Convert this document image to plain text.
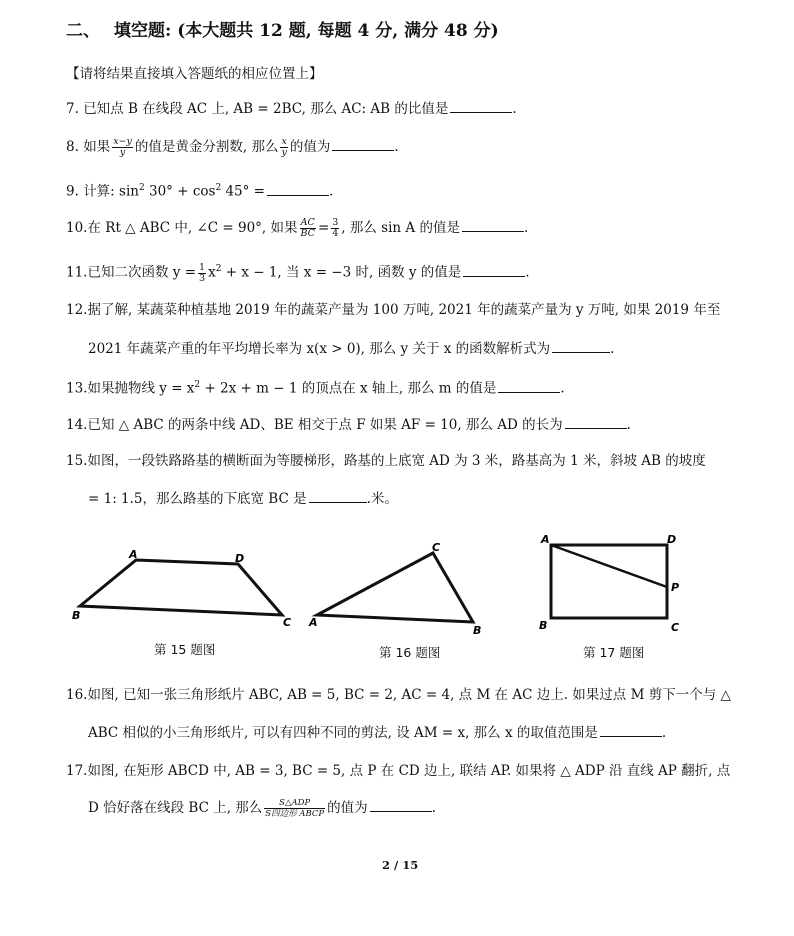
二、 填空题: (本大题共 12 题, 每题 4 分, 满分 48 分)
【请将结果直接填入答题纸的相应位置上】
7. 已知点 B 在线段 AC 上, AB = 2BC, 那么 AC: AB 的比值是	.
8. 如果 $\frac{x-y}{y}$ 的值是黄金分割数, 那么 $\frac{x}{y}$ 的值为	.
9. 计算: $\sin^2 30^\circ + \cos^2 45^\circ$ =	.
10.在 Rt △ ABC 中, ∠C = 90°, 如果 $\frac{AC}{BC} = \frac{3}{4}$ , 那么 sin A 的值是	.
11.已知二次函数 $y = \frac{1}{3} x^2 + x - 1$, 当 x = −3 时, 函数 y 的值是	.
12.据了解, 某蔬菜种植基地 2019 年的蔬菜产量为 100 万吨, 2021 年的蔬菜产量为 y 万吨, 如果 2019 年至
2021 年蔬菜产重的年平均增长率为 x(x > 0), 那么 y 关于 x 的函数解析式为	.
13.如果抛物线 $y = x^2 + 2x + m - 1$ 的顶点在 x 轴上, 那么 m 的值是	.
14.已知 △ ABC 的两条中线 AD、BE 相交于点 F 如果 AF = 10, 那么 AD 的长为	.
15.如图，一段铁路路基的横断面为等腰梯形，路基的上底宽 AD 为 3 米，路基高为 1 米，斜坡 AB 的坡度
= 1: 1.5，那么路基的下底宽 BC 是	.米。
A	D
B
C
C
A
B
A	D
P
B	C
第 15 题图	第 16 题图	第 17 题图
16.如图, 已知一张三角形纸片 ABC, AB = 5, BC = 2, AC = 4, 点 M 在 AC 边上. 如果过点 M 剪下一个与 △
ABC 相似的小三角形纸片, 可以有四种不同的剪法, 设 AM = x, 那么 x 的取值范围是	.
17.如图, 在矩形 ABCD 中, AB = 3, BC = 5, 点 P 在 CD 边上, 联结 AP. 如果将 △ ADP 沿 直线 AP 翻折, 点
D 恰好落在线段 BC 上, 那么 $\frac{\text{S△ADP}}{\text{S四边形 ABCP}}$ 的值为	.
2 / 15
